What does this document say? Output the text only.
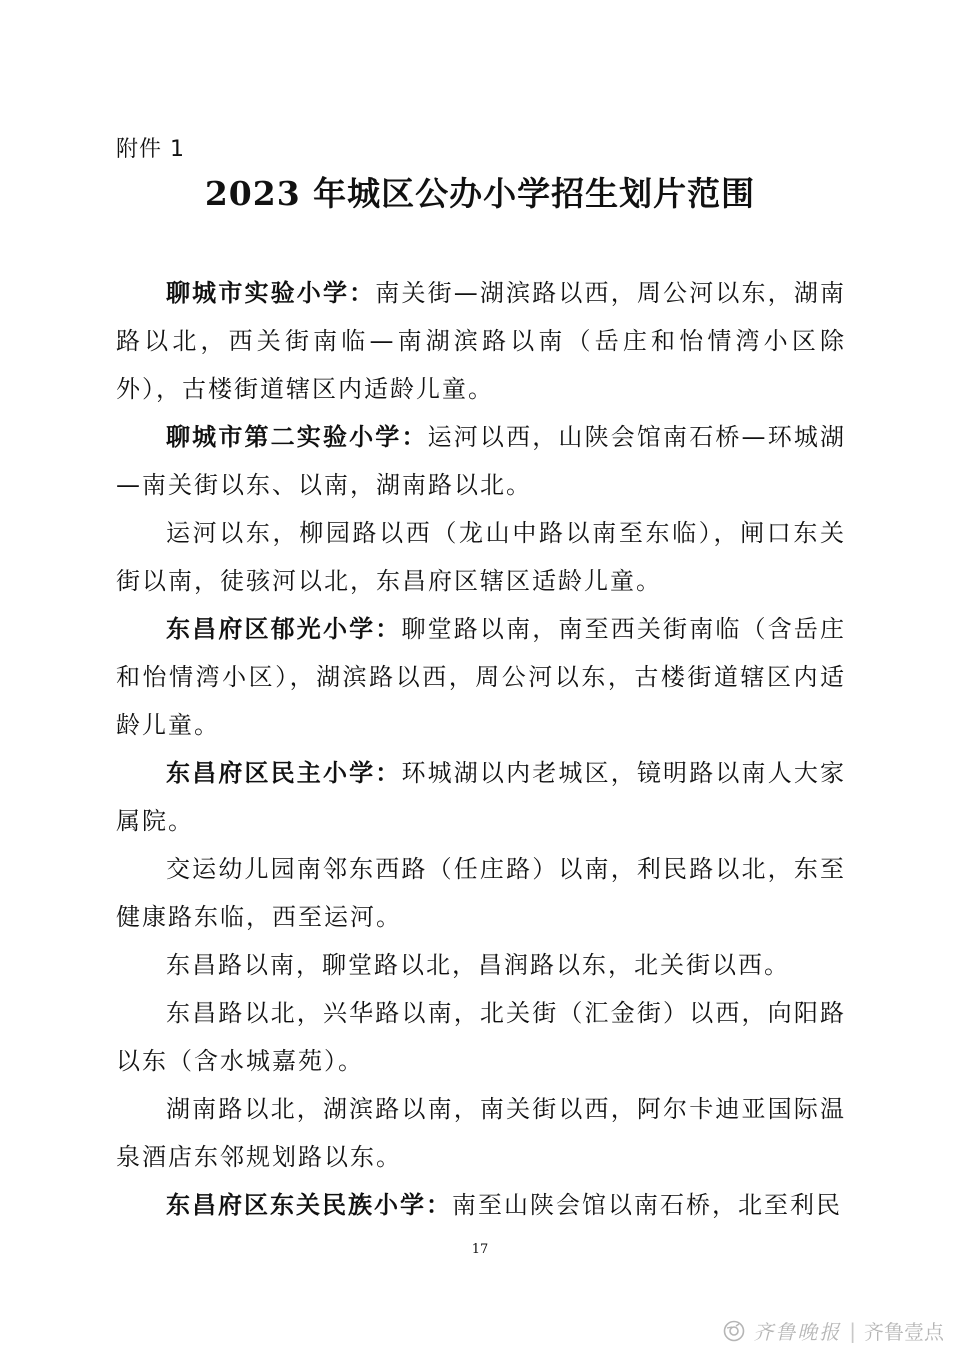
附件 1
2023 年城区公办小学招生划片范围

聊城市实验小学：南关街—湖滨路以西，周公河以东，湖南路以北，西关街南临—南湖滨路以南（岳庄和怡情湾小区除外），古楼街道辖区内适龄儿童。

聊城市第二实验小学：运河以西，山陕会馆南石桥—环城湖—南关街以东、以南，湖南路以北。

运河以东，柳园路以西（龙山中路以南至东临），闸口东关街以南，徒骇河以北，东昌府区辖区适龄儿童。

东昌府区郁光小学：聊堂路以南，南至西关街南临（含岳庄和怡情湾小区），湖滨路以西，周公河以东，古楼街道辖区内适龄儿童。

东昌府区民主小学：环城湖以内老城区，镜明路以南人大家属院。

交运幼儿园南邻东西路（任庄路）以南，利民路以北，东至健康路东临，西至运河。

东昌路以南，聊堂路以北，昌润路以东，北关街以西。

东昌路以北，兴华路以南，北关街（汇金街）以西，向阳路以东（含水城嘉苑）。

湖南路以北，湖滨路以南，南关街以西，阿尔卡迪亚国际温泉酒店东邻规划路以东。

东昌府区东关民族小学：南至山陕会馆以南石桥，北至利民

17
齐鲁晚报 | 齐鲁壹点
